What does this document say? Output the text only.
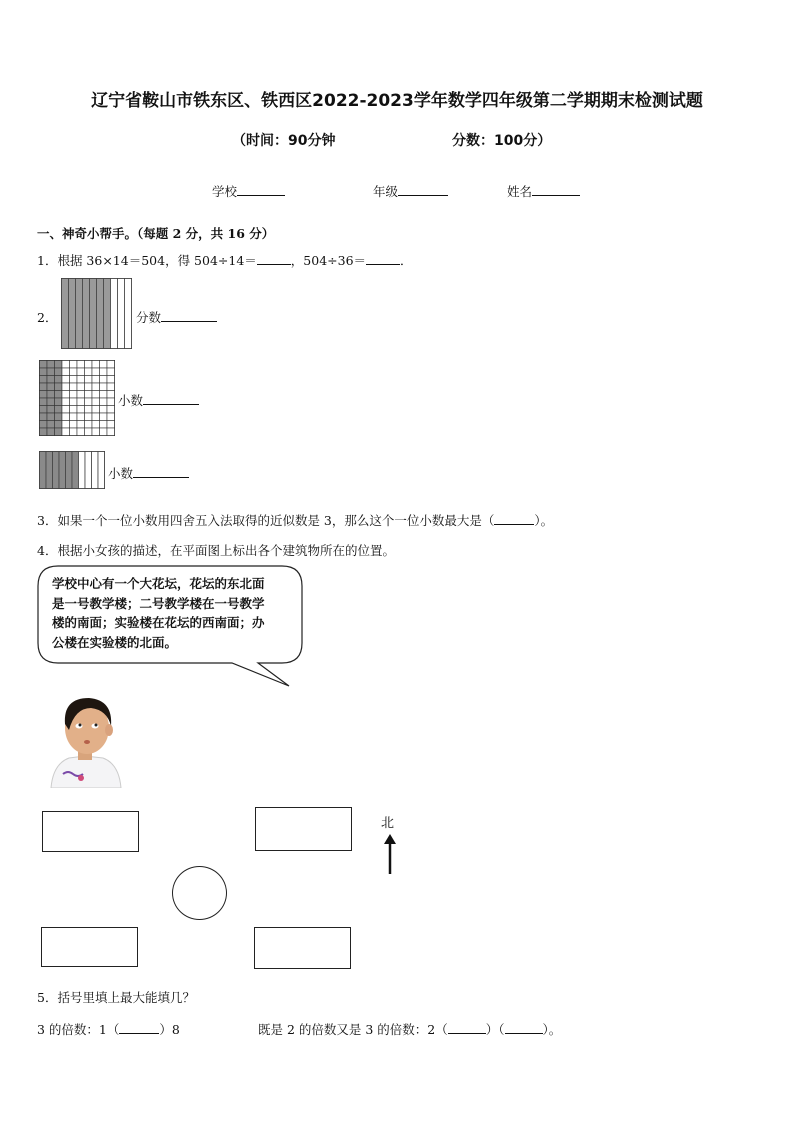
辽宁省鞍山市铁东区、铁西区2022-2023学年数学四年级第二学期期末检测试题
（时间：90分钟	分数：100分）
学校	年级	姓名
一、神奇小帮手。（每题 2 分，共 16 分）
1．根据 36×14＝504，得 504÷14＝	，504÷36＝	．
2．	分数
小数
小数
3．如果一个一位小数用四舍五入法取得的近似数是 3，那么这个一位小数最大是（	）。
4．根据小女孩的描述，在平面图上标出各个建筑物所在的位置。
学校中心有一个大花坛，花坛的东北面
是一号教学楼；二号教学楼在一号教学
楼的南面；实验楼在花坛的西南面；办
公楼在实验楼的北面。
北
5．括号里填上最大能填几？
3 的倍数：1（	）8	既是 2 的倍数又是 3 的倍数：2（	）（	）。
